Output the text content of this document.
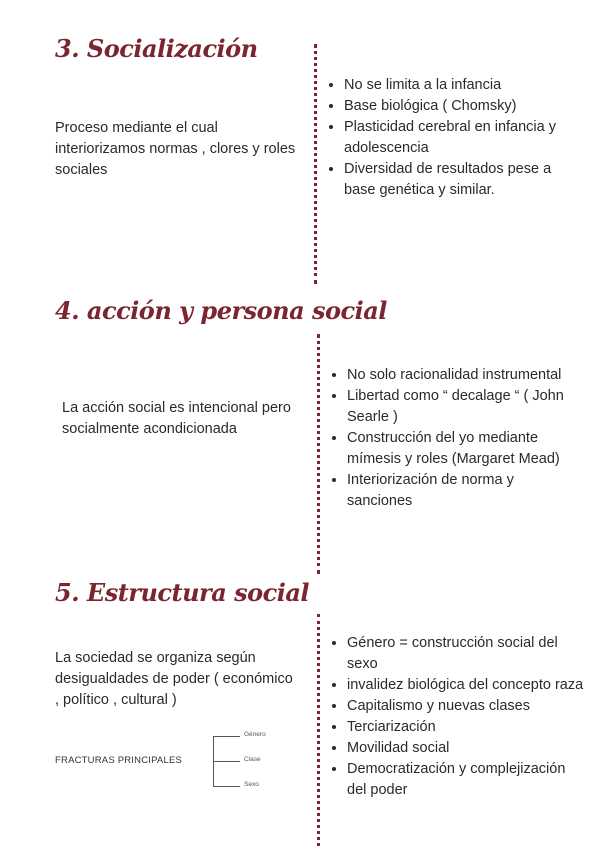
3. Socialización

Proceso mediante el cual interiorizamos normas , clores y roles sociales

• No se limita a la infancia
• Base biológica ( Chomsky)
• Plasticidad cerebral en infancia y adolescencia
• Diversidad de resultados pese a base genética y similar.
4. acción y persona social

La acción social es intencional pero socialmente acondicionada

• No solo racionalidad instrumental
• Libertad como “ decalage “ ( John Searle )
• Construcción del yo mediante mímesis y roles (Margaret Mead)
• Interiorización de norma y sanciones
5. Estructura social

La sociedad se organiza según desigualdades de poder ( económico , político , cultural )

• Género = construcción social del sexo
• invalidez biológica del concepto raza
• Capitalismo y nuevas clases
• Terciarización
• Movilidad social
• Democratización y complejización del poder
FRACTURAS PRINCIPALES
Género
Clase
Sexo
